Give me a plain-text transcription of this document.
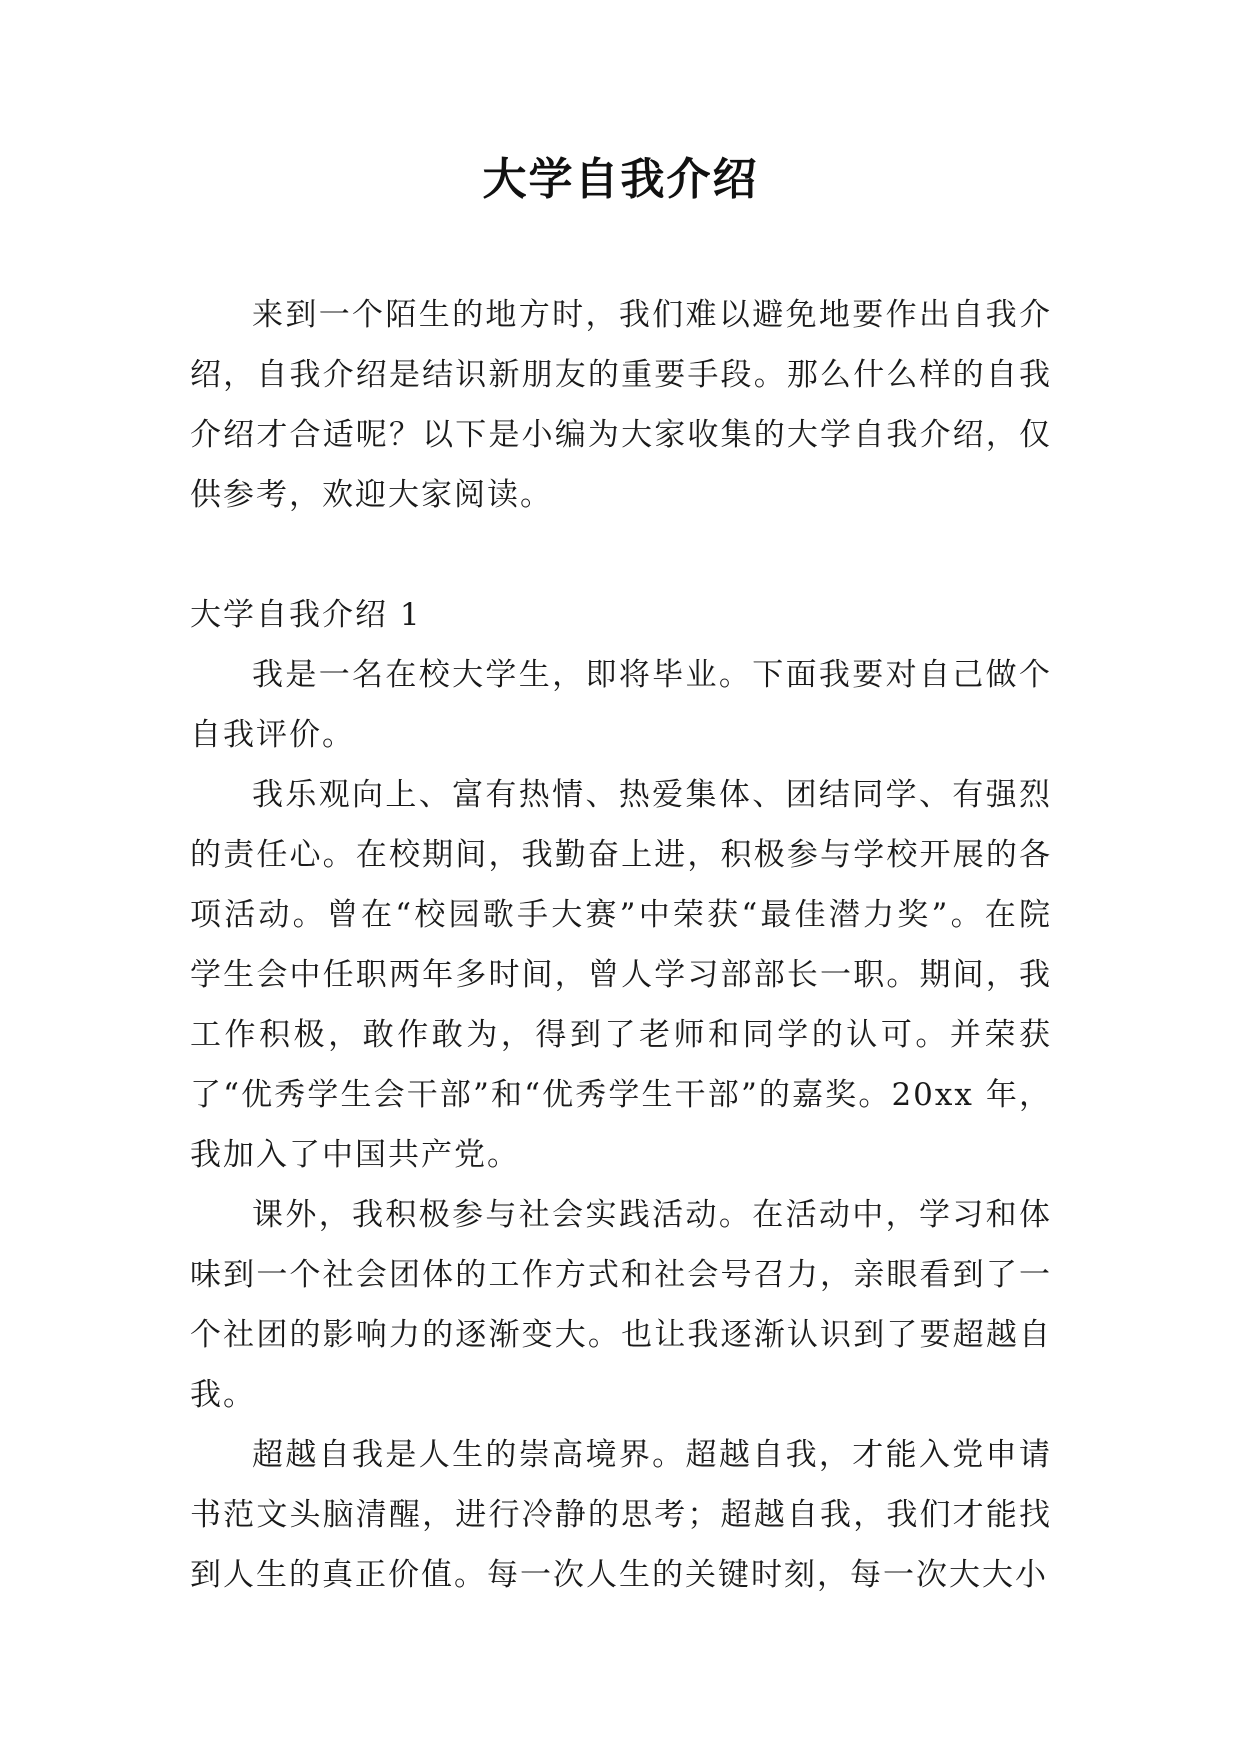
大学自我介绍

来到一个陌生的地方时，我们难以避免地要作出自我介绍，自我介绍是结识新朋友的重要手段。那么什么样的自我介绍才合适呢？以下是小编为大家收集的大学自我介绍，仅供参考，欢迎大家阅读。

大学自我介绍 1

我是一名在校大学生，即将毕业。下面我要对自己做个自我评价。

我乐观向上、富有热情、热爱集体、团结同学、有强烈的责任心。在校期间，我勤奋上进，积极参与学校开展的各项活动。曾在“校园歌手大赛”中荣获“最佳潜力奖”。在院学生会中任职两年多时间，曾人学习部部长一职。期间，我工作积极，敢作敢为，得到了老师和同学的认可。并荣获了“优秀学生会干部”和“优秀学生干部”的嘉奖。20xx 年，我加入了中国共产党。

课外，我积极参与社会实践活动。在活动中，学习和体味到一个社会团体的工作方式和社会号召力，亲眼看到了一个社团的影响力的逐渐变大。也让我逐渐认识到了要超越自我。

超越自我是人生的崇高境界。超越自我，才能入党申请书范文头脑清醒，进行冷静的思考；超越自我，我们才能找到人生的真正价值。每一次人生的关键时刻，每一次大大小
